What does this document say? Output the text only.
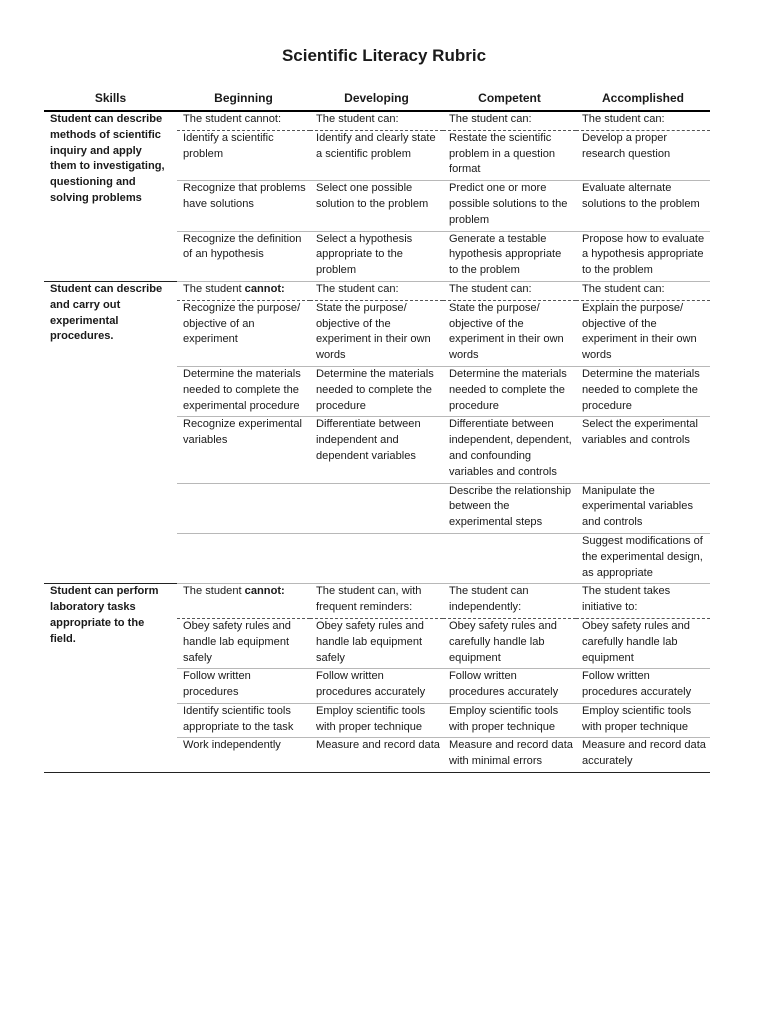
Scientific Literacy Rubric
Skills	Beginning	Developing	Competent	Accomplished
Student can describe methods of scientific inquiry and apply them to investigating, questioning and solving problems	The student cannot:	The student can:	The student can:	The student can:
	Identify a scientific problem	Identify and clearly state a scientific problem	Restate the scientific problem in a question format	Develop a proper research question
	Recognize that problems have solutions	Select one possible solution to the problem	Predict one or more possible solutions to the problem	Evaluate alternate solutions to the problem
	Recognize the definition of an hypothesis	Select a hypothesis appropriate to the problem	Generate a testable hypothesis appropriate to the problem	Propose how to evaluate a hypothesis appropriate to the problem
Student can describe and carry out experimental procedures.	The student cannot:	The student can:	The student can:	The student can:
	Recognize the purpose/ objective of an experiment	State the purpose/ objective of the experiment in their own words	State the purpose/ objective of the experiment in their own words	Explain the purpose/ objective of the experiment in their own words
	Determine the materials needed to complete the experimental procedure	Determine the materials needed to complete the procedure	Determine the materials needed to complete the procedure	Determine the materials needed to complete the procedure
	Recognize experimental variables	Differentiate between independent and dependent variables	Differentiate between independent, dependent, and confounding variables and controls	Select the experimental variables and controls
			Describe the relationship between the experimental steps	Manipulate the experimental variables and controls
				Suggest modifications of the experimental design, as appropriate
Student can perform laboratory tasks appropriate to the field.	The student cannot:	The student can, with frequent reminders:	The student can independently:	The student takes initiative to:
	Obey safety rules and handle lab equipment safely	Obey safety rules and handle lab equipment safely	Obey safety rules and carefully handle lab equipment	Obey safety rules and carefully handle lab equipment
	Follow written procedures	Follow written procedures accurately	Follow written procedures accurately	Follow written procedures accurately
	Identify scientific tools appropriate to the task	Employ scientific tools with proper technique	Employ scientific tools with proper technique	Employ scientific tools with proper technique
	Work independently	Measure and record data	Measure and record data with minimal errors	Measure and record data accurately
